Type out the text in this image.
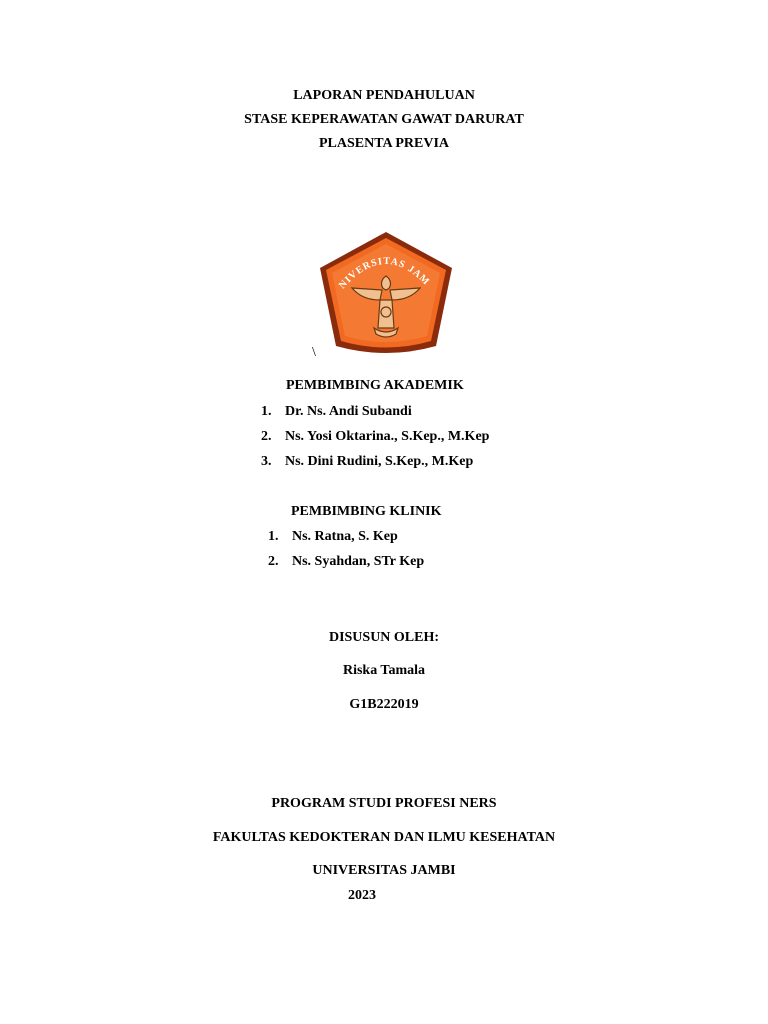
LAPORAN PENDAHULUAN
STASE KEPERAWATAN GAWAT DARURAT
PLASENTA PREVIA
NIVERSITAS JAM
\
PEMBIMBING AKADEMIK
1. Dr. Ns. Andi Subandi
2. Ns. Yosi Oktarina., S.Kep., M.Kep
3. Ns. Dini Rudini, S.Kep., M.Kep
PEMBIMBING KLINIK
1. Ns. Ratna, S. Kep
2. Ns. Syahdan, STr Kep
DISUSUN OLEH:
Riska Tamala
G1B222019
PROGRAM STUDI PROFESI NERS
FAKULTAS KEDOKTERAN DAN ILMU KESEHATAN
UNIVERSITAS JAMBI
2023
